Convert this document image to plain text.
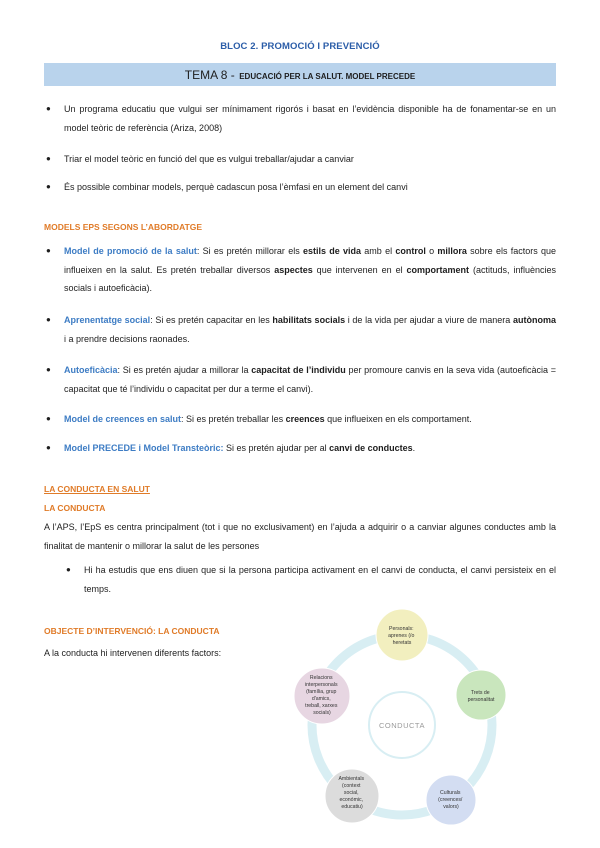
BLOC 2. PROMOCIÓ I PREVENCIÓ
TEMA 8 - EDUCACIÓ PER LA SALUT. MODEL PRECEDE
● Un programa educatiu que vulgui ser mínimament rigorós i basat en l’evidència disponible ha de fonamentar-se en un model teòric de referència (Ariza, 2008)
● Triar el model teòric en funció del que es vulgui treballar/ajudar a canviar
● És possible combinar models, perquè cadascun posa l’èmfasi en un element del canvi
MODELS EPS SEGONS L’ABORDATGE
● Model de promoció de la salut: Si es pretén millorar els estils de vida amb el control o millora sobre els factors que influeixen en la salut. Es pretén treballar diversos aspectes que intervenen en el comportament (actituds, influències socials i autoeficàcia).
● Aprenentatge social: Si es pretén capacitar en les habilitats socials i de la vida per ajudar a viure de manera autònoma i a prendre decisions raonades.
● Autoeficàcia: Si es pretén ajudar a millorar la capacitat de l’individu per promoure canvis en la seva vida (autoeficàcia = capacitat que té l’individu o capacitat per dur a terme el canvi).
● Model de creences en salut: Si es pretén treballar les creences que influeixen en els comportament.
● Model PRECEDE i Model Transteòric: Si es pretén ajudar per al canvi de conductes.
LA CONDUCTA EN SALUT
LA CONDUCTA
A l’APS, l’EpS es centra principalment (tot i que no exclusivament) en l’ajuda a adquirir o a canviar algunes conductes amb la finalitat de mantenir o millorar la salut de les persones
● Hi ha estudis que ens diuen que si la persona participa activament en el canvi de conducta, el canvi persisteix en el temps.
OBJECTE D’INTERVENCIÓ: LA CONDUCTA
A la conducta hi intervenen diferents factors:
CONDUCTA
Personals: aprenes (/o heretats
Trets de personalitat
Culturals (creences/ valors)
Ambientals (context social, económic, educatiu)
Relacions interpersonals (família, grup d'amics, treball, xarxes socials)
